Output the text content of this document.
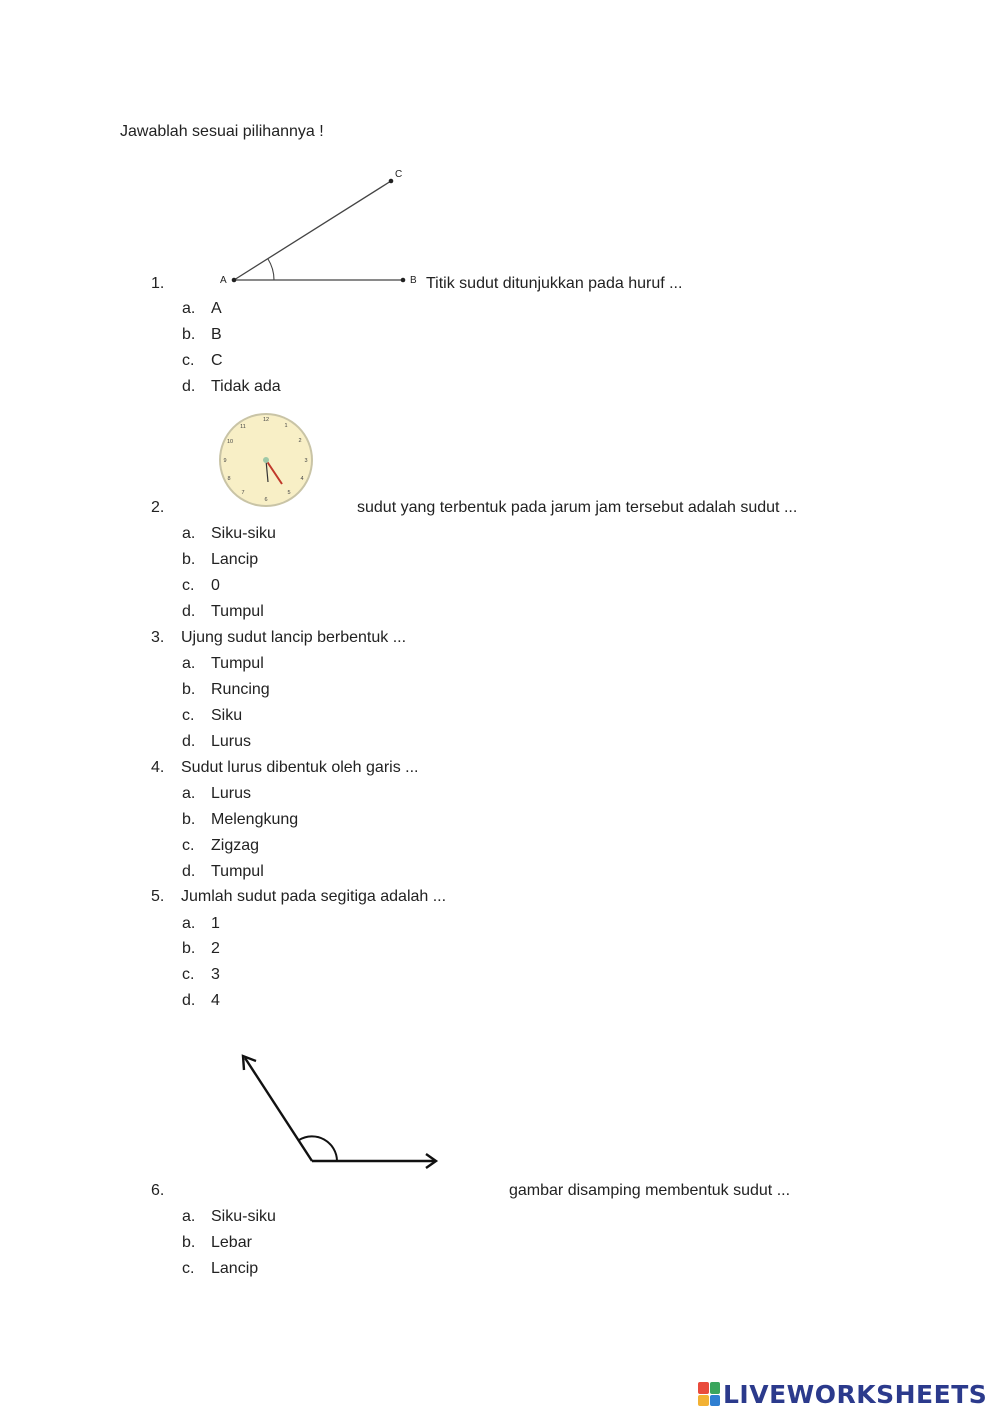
Jawablah sesuai pilihannya !
A	B
C
1.	Titik sudut ditunjukkan pada huruf ...
a. A
b. B
c. C
d. Tidak ada
12
1
2
3
4
5
6
7
8
9
10
11
2.	sudut yang terbentuk pada jarum jam tersebut adalah sudut ...
a. Siku-siku
b. Lancip
c. 0
d. Tumpul
3. Ujung sudut lancip berbentuk ...
a. Tumpul
b. Runcing
c. Siku
d. Lurus
4. Sudut lurus dibentuk oleh garis ...
a. Lurus
b. Melengkung
c. Zigzag
d. Tumpul
5. Jumlah sudut pada segitiga adalah ...
a. 1
b. 2
c. 3
d. 4
6.	gambar disamping membentuk sudut ...
a. Siku-siku
b. Lebar
c. Lancip
LIVEWORKSHEETS
